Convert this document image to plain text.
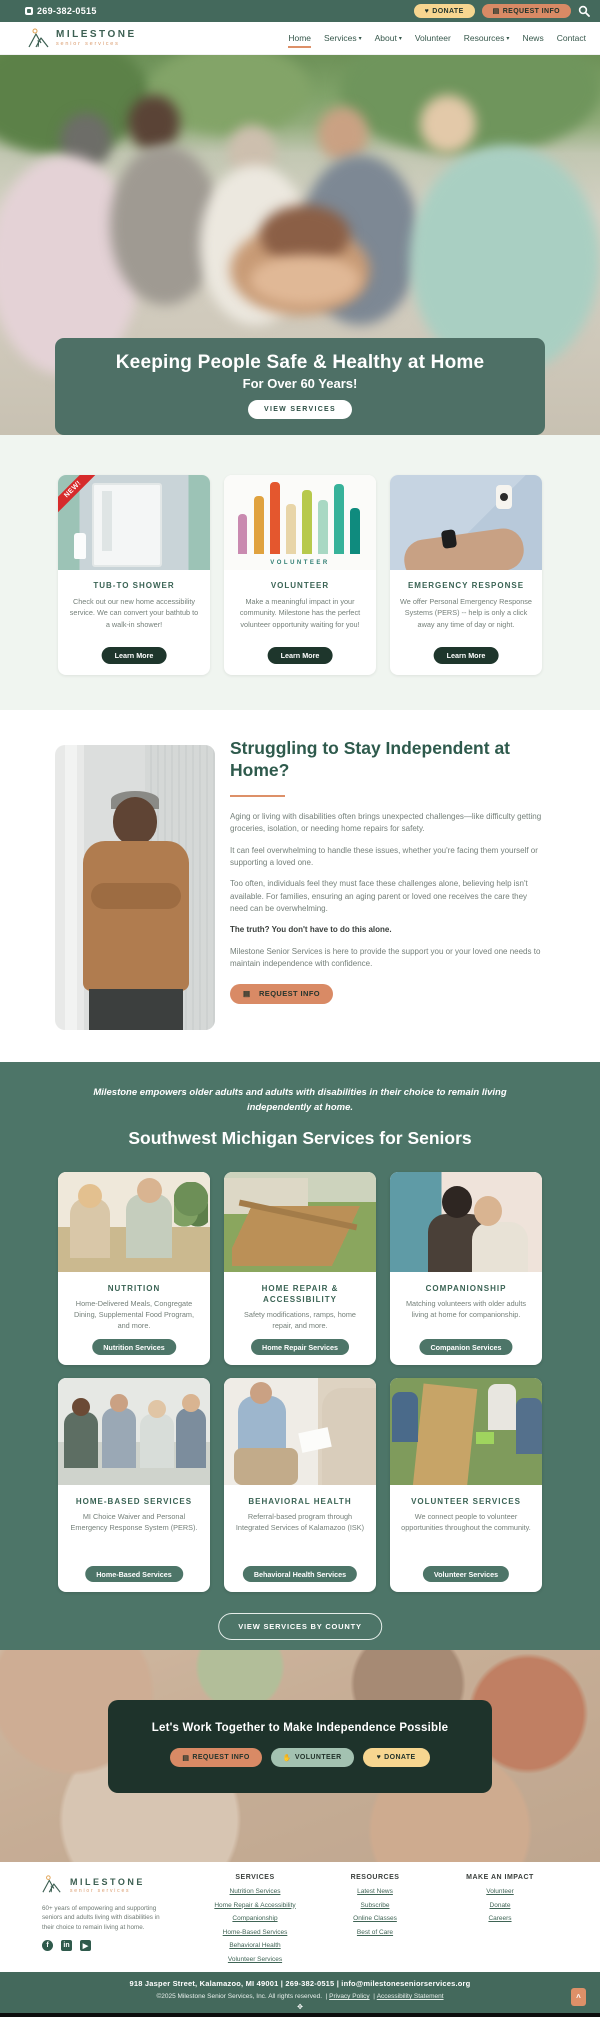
269-382-0515	♥ DONATE	▤ REQUEST INFO
MILESTONE
senior services
Home Services ▾ About ▾ Volunteer Resources ▾ News Contact
Keeping People Safe & Healthy at Home
For Over 60 Years!
VIEW SERVICES
NEW!
TUB-TO SHOWER
Check out our new home accessibility service. We can convert your bathtub to a walk-in shower!
Learn More
VOLUNTEER
VOLUNTEER
Make a meaningful impact in your community. Milestone has the perfect volunteer opportunity waiting for you!
Learn More
EMERGENCY RESPONSE
We offer Personal Emergency Response Systems (PERS) -- help is only a click away any time of day or night.
Learn More
Struggling to Stay Independent at Home?

Aging or living with disabilities often brings unexpected challenges—like difficulty getting groceries, isolation, or needing home repairs for safety.

It can feel overwhelming to handle these issues, whether you're facing them yourself or supporting a loved one.

Too often, individuals feel they must face these challenges alone, believing help isn't available. For families, ensuring an aging parent or loved one receives the care they need can be overwhelming.

The truth? You don't have to do this alone.

Milestone Senior Services is here to provide the support you or your loved one needs to maintain independence with confidence.

▤
REQUEST INFO
Milestone empowers older adults and adults with disabilities in their choice to remain living independently at home.
Southwest Michigan Services for Seniors
NUTRITION
Home-Delivered Meals, Congregate Dining, Supplemental Food Program, and more.
Nutrition Services
HOME REPAIR & ACCESSIBILITY
Safety modifications, ramps, home repair, and more.
Home Repair Services
COMPANIONSHIP
Matching volunteers with older adults living at home for companionship.
Companion Services
HOME-BASED SERVICES
MI Choice Waiver and Personal Emergency Response System (PERS).
Home-Based Services
BEHAVIORAL HEALTH
Referral-based program through Integrated Services of Kalamazoo (ISK)
Behavioral Health Services
VOLUNTEER SERVICES
We connect people to volunteer opportunities throughout the community.
Volunteer Services
VIEW SERVICES BY COUNTY
Let's Work Together to Make Independence Possible
▤ REQUEST INFO	✋ VOLUNTEER	♥ DONATE
MILESTONE
senior services
60+ years of empowering and supporting seniors and adults living with disabilities in their choice to remain living at home.
f	in	▶
SERVICES
Nutrition Services
Home Repair & Accessibility
Companionship
Home-Based Services
Behavioral Health
Volunteer Services
RESOURCES
Latest News
Subscribe
Online Classes
Best of Care
MAKE AN IMPACT
Volunteer
Donate
Careers
918 Jasper Street, Kalamazoo, MI 49001 | 269-382-0515 | info@milestoneseniorservices.org
©2025 Milestone Senior Services, Inc. All rights reserved.  | Privacy Policy  | Accessibility Statement
✥
^
